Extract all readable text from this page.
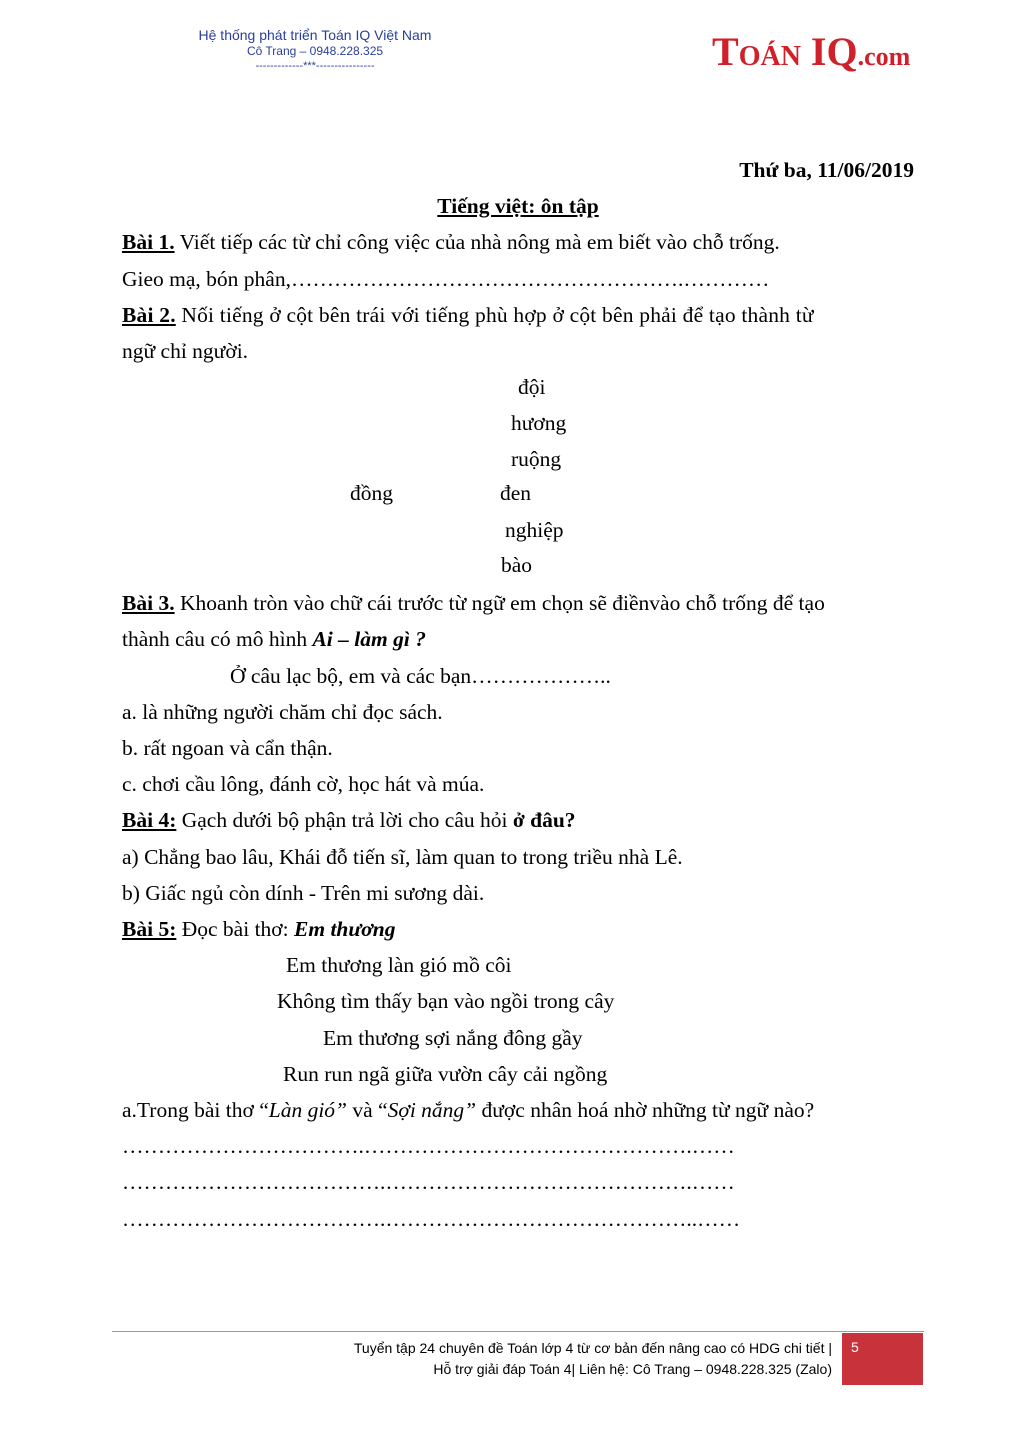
Hệ thống phát triển Toán IQ Việt Nam
Cô Trang – 0948.228.325
-------------***----------------	TOÁN IQ.com

Thứ ba, 11/06/2019

Tiếng việt: ôn tập

Bài 1. Viết tiếp các từ chỉ công việc của nhà nông mà em biết vào chỗ trống.

Gieo mạ, bón phân,……………………………………………….…………

Bài 2. Nối tiếng ở cột bên trái với tiếng phù hợp ở cột bên phải để tạo thành từ

ngữ chỉ người.

đội
hương
ruộng
đồng	đen
nghiệp
bào

Bài 3. Khoanh tròn vào chữ cái trước từ ngữ em chọn sẽ điềnvào chỗ trống để tạo

thành câu có mô hình Ai – làm gì ?

Ở câu lạc bộ, em và các bạn………………..

a. là những người chăm chỉ đọc sách.

b. rất ngoan và cẩn thận.

c. chơi cầu lông, đánh cờ, học hát và múa.

Bài 4: Gạch dưới bộ phận trả lời cho câu hỏi ở đâu?

a) Chẳng bao lâu, Khái đỗ tiến sĩ, làm quan to trong triều nhà Lê.

b) Giấc ngủ còn dính - Trên mi sương dài.

Bài 5: Đọc bài thơ: Em thương

Em thương làn gió mồ côi

Không tìm thấy bạn vào ngồi trong cây

Em thương sợi nắng đông gầy

Run run ngã giữa vườn cây cải ngồng

a.Trong bài thơ “Làn gió” và “Sợi nắng” được nhân hoá nhờ những từ ngữ nào?

…………………………….……………………………………….……

……………………………….…………………………………….……

……………………………….……………………………………..……

Tuyển tập 24 chuyên đề Toán lớp 4 từ cơ bản đến nâng cao có HDG chi tiết |
Hỗ trợ giải đáp Toán 4| Liên hệ: Cô Trang – 0948.228.325 (Zalo)
5
